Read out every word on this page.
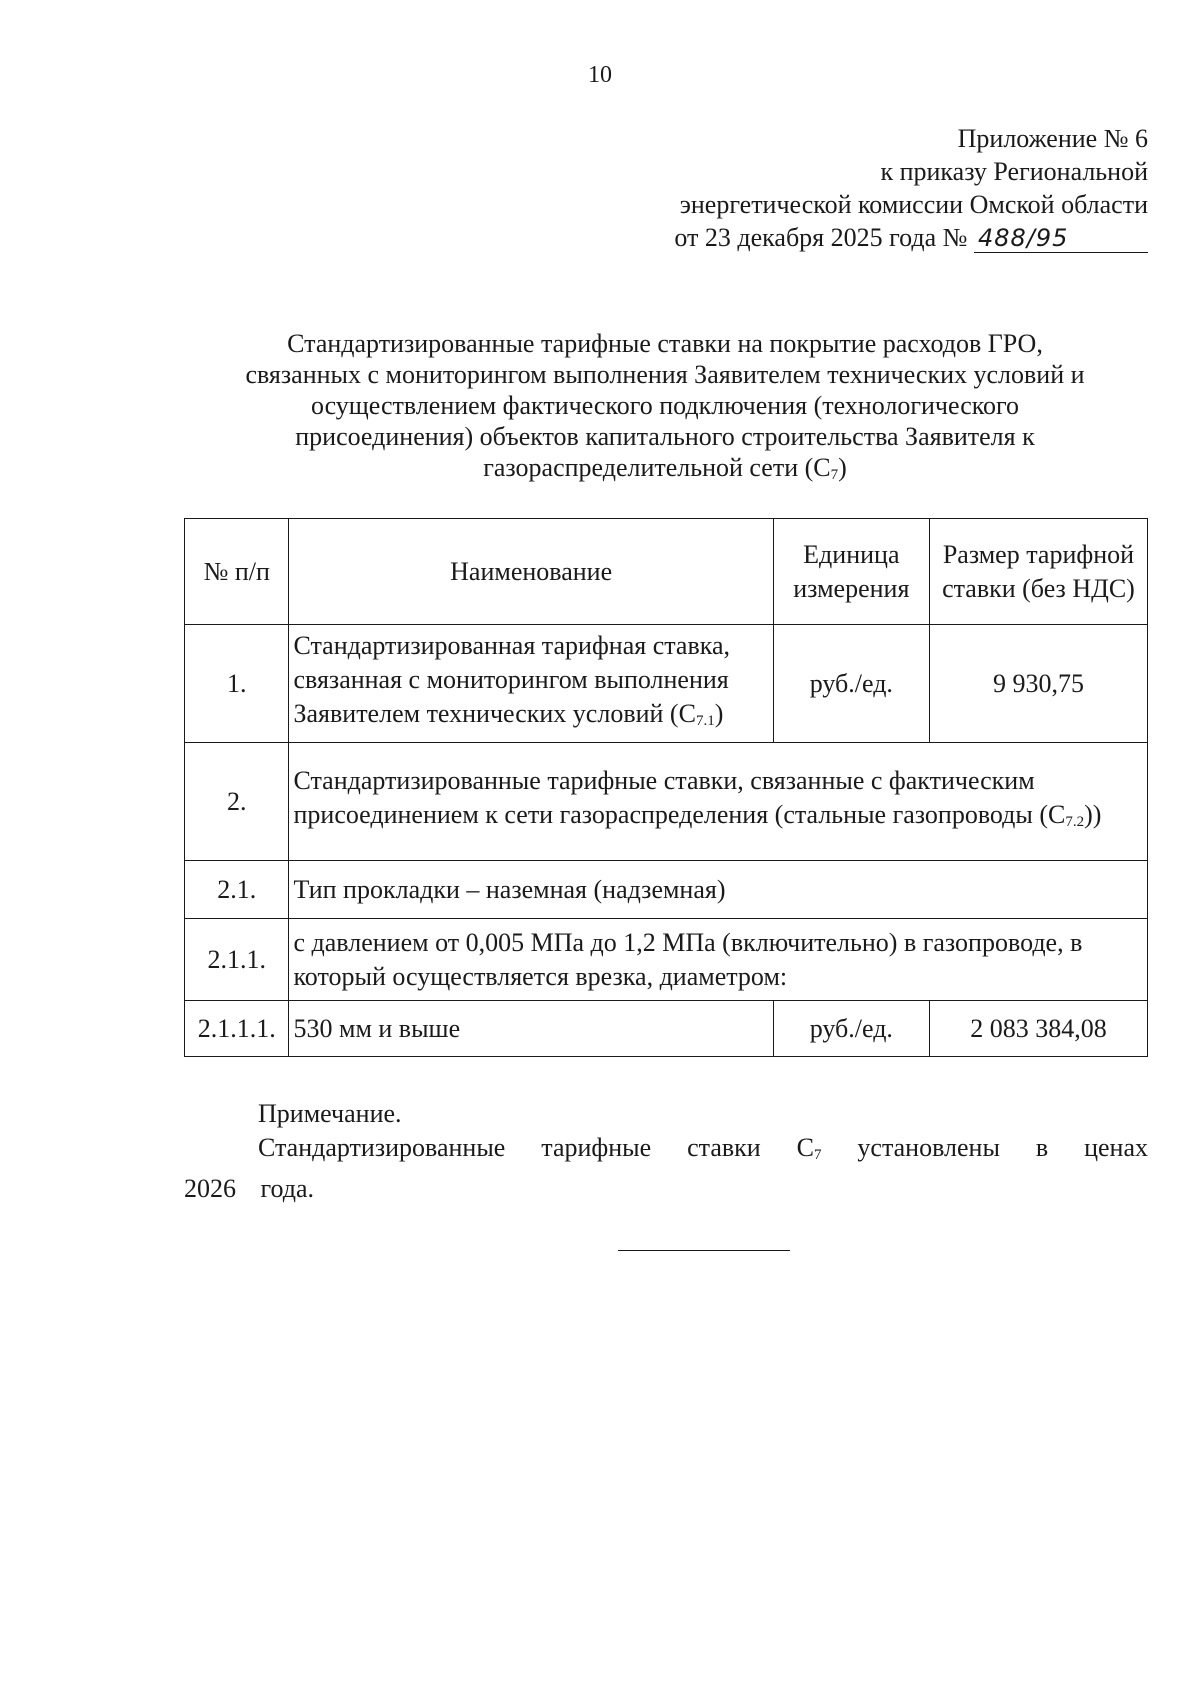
10
Приложение № 6
к приказу Региональной
энергетической комиссии Омской области
от 23 декабря 2025 года № 488/95
Стандартизированные тарифные ставки на покрытие расходов ГРО,
связанных с мониторингом выполнения Заявителем технических условий и
осуществлением фактического подключения (технологического
присоединения) объектов капитального строительства Заявителя к
газораспределительной сети $(С_7)$
№ п/п	Наименование	Единица измерения	Размер тарифной ставки (без НДС)
1.	Стандартизированная тарифная ставка, связанная с мониторингом выполнения Заявителем технических условий $(С_{7.1})$	руб./ед.	9 930,75
2.	Стандартизированные тарифные ставки, связанные с фактическим присоединением к сети газораспределения (стальные газопроводы $(С_{7.2})$)		
2.1.	Тип прокладки – наземная (надземная)		
2.1.1.	с давлением от 0,005 МПа до 1,2 МПа (включительно) в газопроводе, в который осуществляется врезка, диаметром:		
2.1.1.1.	530 мм и выше	руб./ед.	2 083 384,08
Примечание.
Стандартизированные тарифные ставки $С_7$ установлены в ценах 2026 года.
